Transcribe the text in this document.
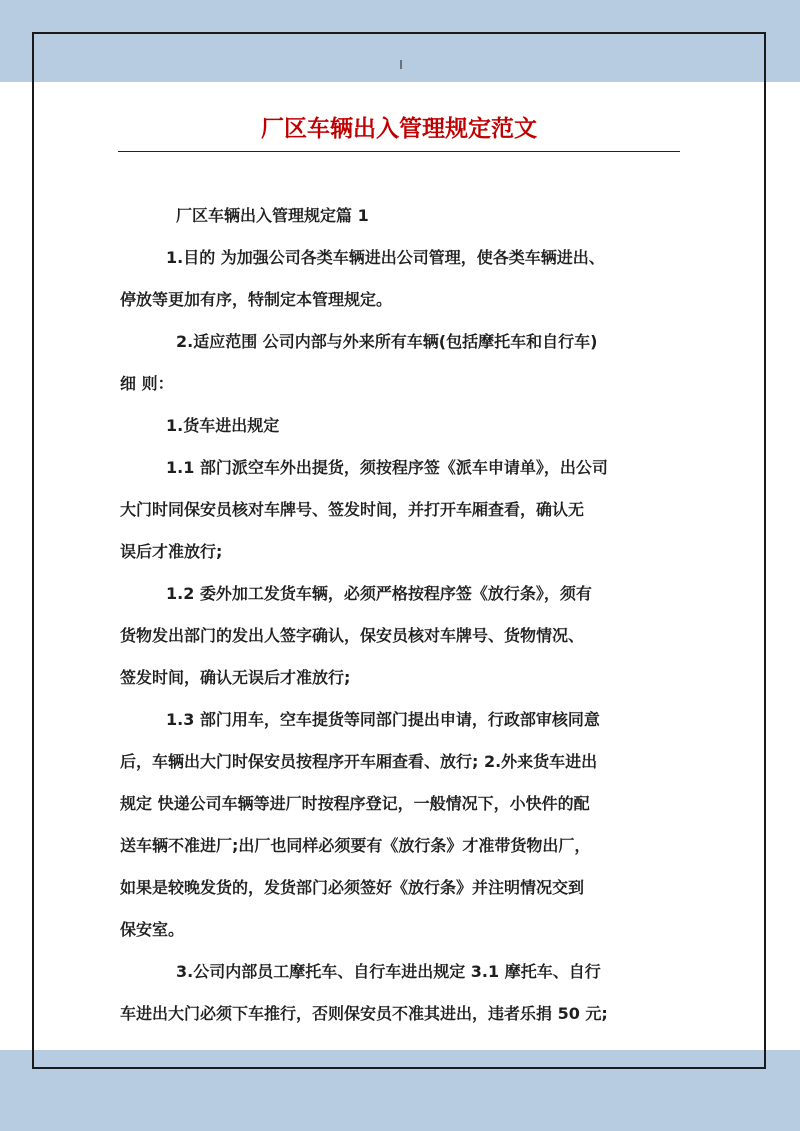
I
厂区车辆出入管理规定范文
厂区车辆出入管理规定篇 1
1.目的 为加强公司各类车辆进出公司管理，使各类车辆进出、
停放等更加有序，特制定本管理规定。
2.适应范围 公司内部与外来所有车辆(包括摩托车和自行车)
细 则：
1.货车进出规定
1.1 部门派空车外出提货，须按程序签《派车申请单》，出公司
大门时同保安员核对车牌号、签发时间，并打开车厢查看，确认无
误后才准放行;
1.2 委外加工发货车辆，必须严格按程序签《放行条》，须有
货物发出部门的发出人签字确认，保安员核对车牌号、货物情况、
签发时间，确认无误后才准放行;
1.3 部门用车，空车提货等同部门提出申请，行政部审核同意
后，车辆出大门时保安员按程序开车厢查看、放行; 2.外来货车进出
规定 快递公司车辆等进厂时按程序登记，一般情况下，小快件的配
送车辆不准进厂;出厂也同样必须要有《放行条》才准带货物出厂，
如果是较晚发货的，发货部门必须签好《放行条》并注明情况交到
保安室。
3.公司内部员工摩托车、自行车进出规定 3.1 摩托车、自行
车进出大门必须下车推行，否则保安员不准其进出，违者乐捐 50 元;
